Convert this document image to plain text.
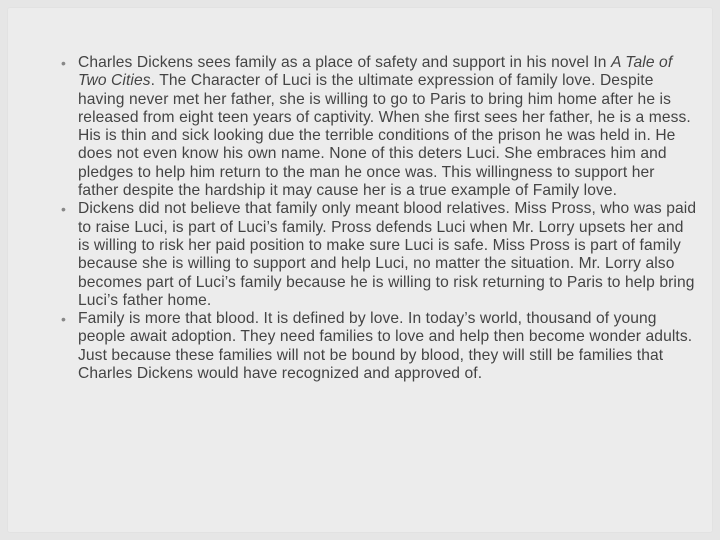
• Charles Dickens sees family as a place of safety and support in his novel In A Tale of Two Cities. The Character of Luci is the ultimate expression of family love. Despite having never met her father, she is willing to go to Paris to bring him home after he is released from eight teen years of captivity. When she first sees her father, he is a mess. His is thin and sick looking due the terrible conditions of the prison he was held in. He does not even know his own name. None of this deters Luci. She embraces him and pledges to help him return to the man he once was. This willingness to support her father despite the hardship it may cause her is a true example of Family love.
• Dickens did not believe that family only meant blood relatives. Miss Pross, who was paid to raise Luci, is part of Luci’s family. Pross defends Luci when Mr. Lorry upsets her and is willing to risk her paid position to make sure Luci is safe. Miss Pross is part of family because she is willing to support and help Luci, no matter the situation. Mr. Lorry also becomes part of Luci’s family because he is willing to risk returning to Paris to help bring Luci’s father home.
• Family is more that blood. It is defined by love. In today’s world, thousand of young people await adoption. They need families to love and help then become wonder adults. Just because these families will not be bound by blood, they will still be families that Charles Dickens would have recognized and approved of.
